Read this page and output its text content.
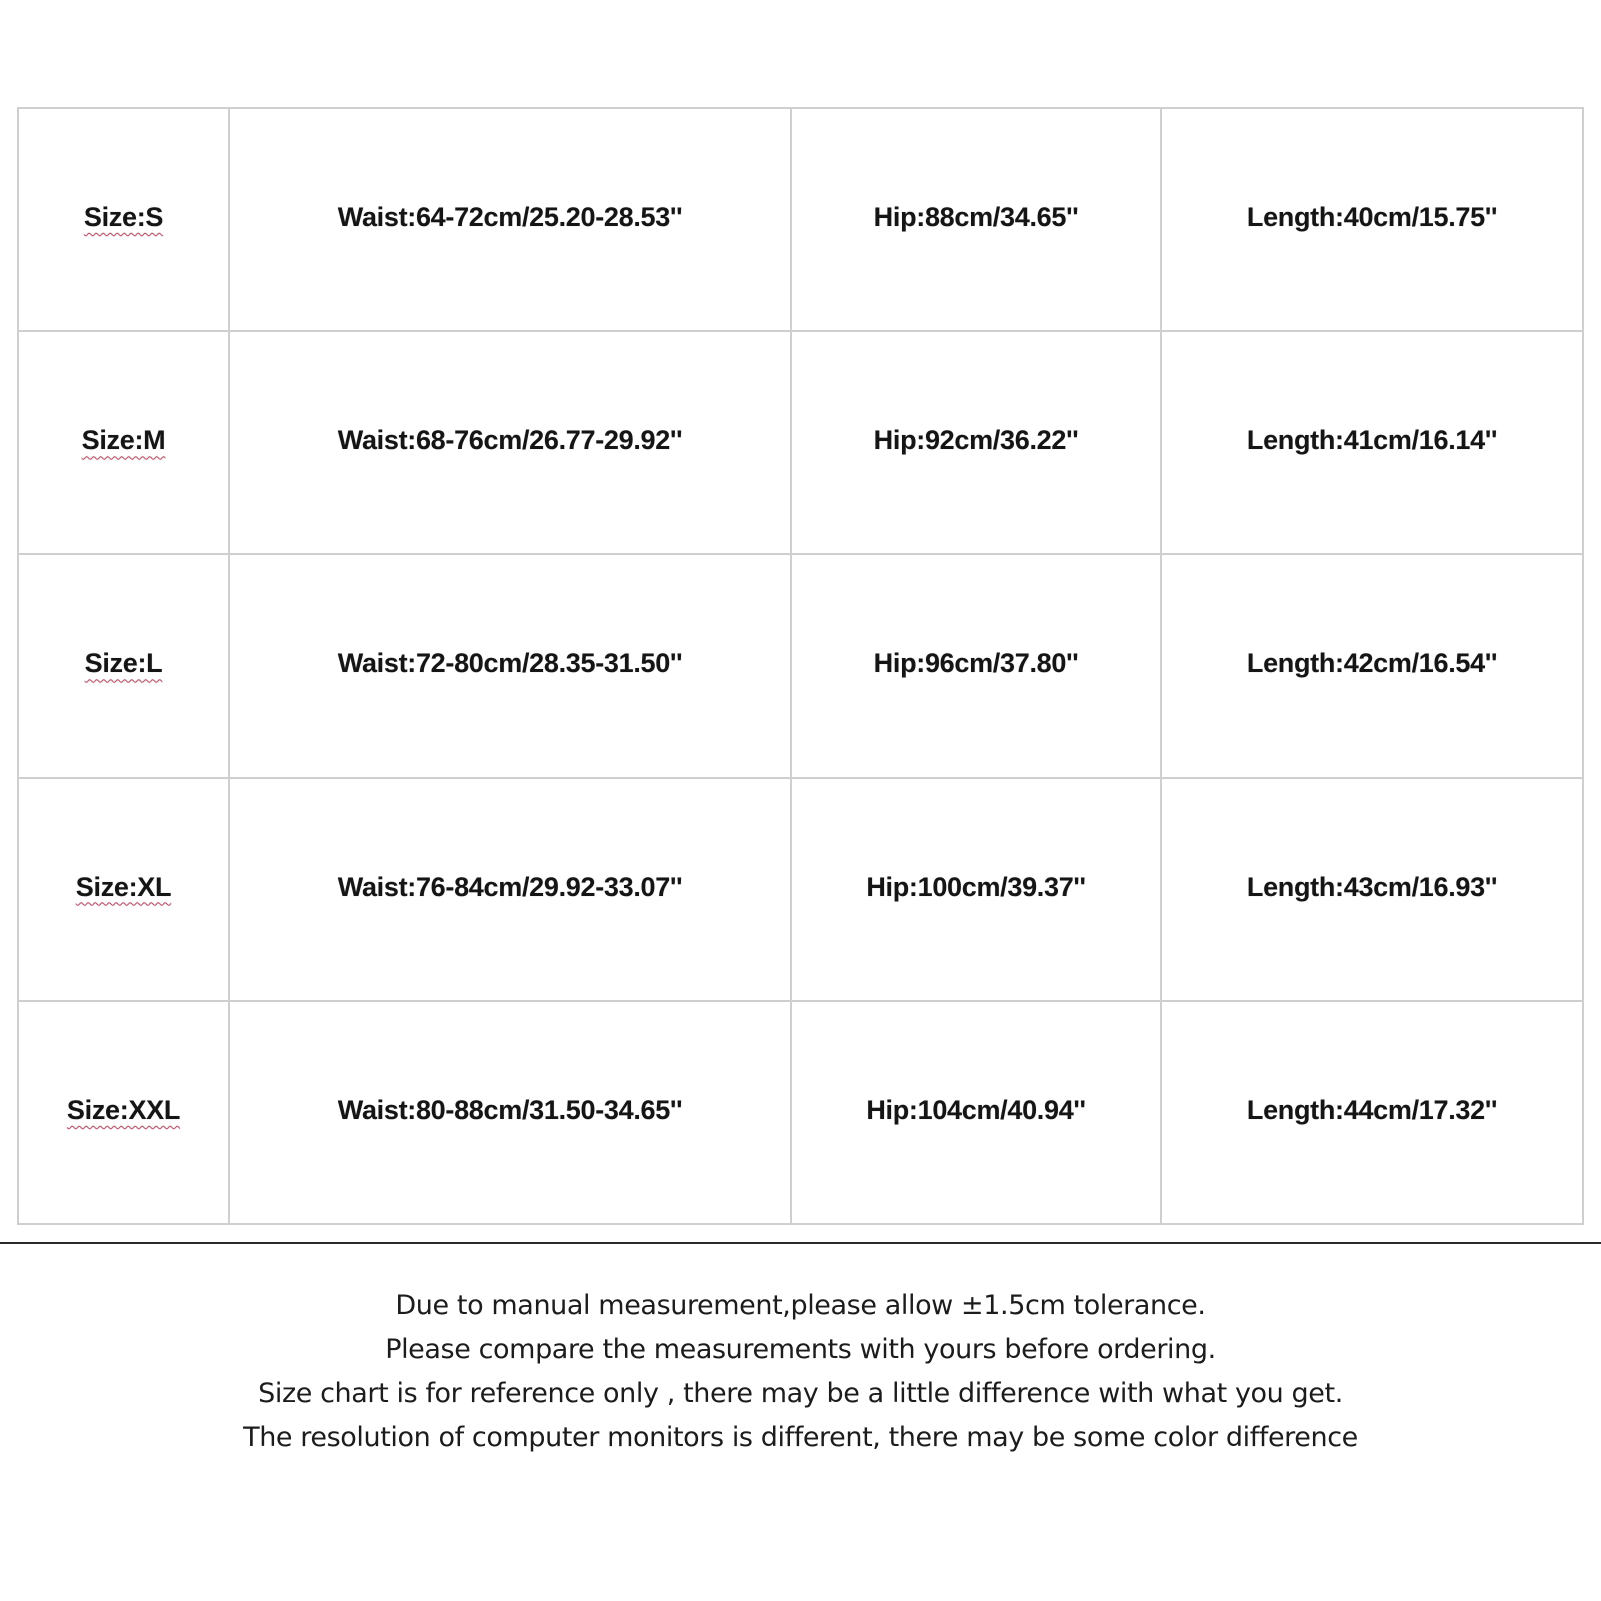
Size:S	Waist:64-72cm/25.20-28.53''	Hip:88cm/34.65''	Length:40cm/15.75''
Size:M	Waist:68-76cm/26.77-29.92''	Hip:92cm/36.22''	Length:41cm/16.14''
Size:L	Waist:72-80cm/28.35-31.50''	Hip:96cm/37.80''	Length:42cm/16.54''
Size:XL	Waist:76-84cm/29.92-33.07''	Hip:100cm/39.37''	Length:43cm/16.93''
Size:XXL	Waist:80-88cm/31.50-34.65''	Hip:104cm/40.94''	Length:44cm/17.32''
Due to manual measurement,please allow ±1.5cm tolerance.
Please compare the measurements with yours before ordering.
Size chart is for reference only , there may be a little difference with what you get.
The resolution of computer monitors is different, there may be some color difference
